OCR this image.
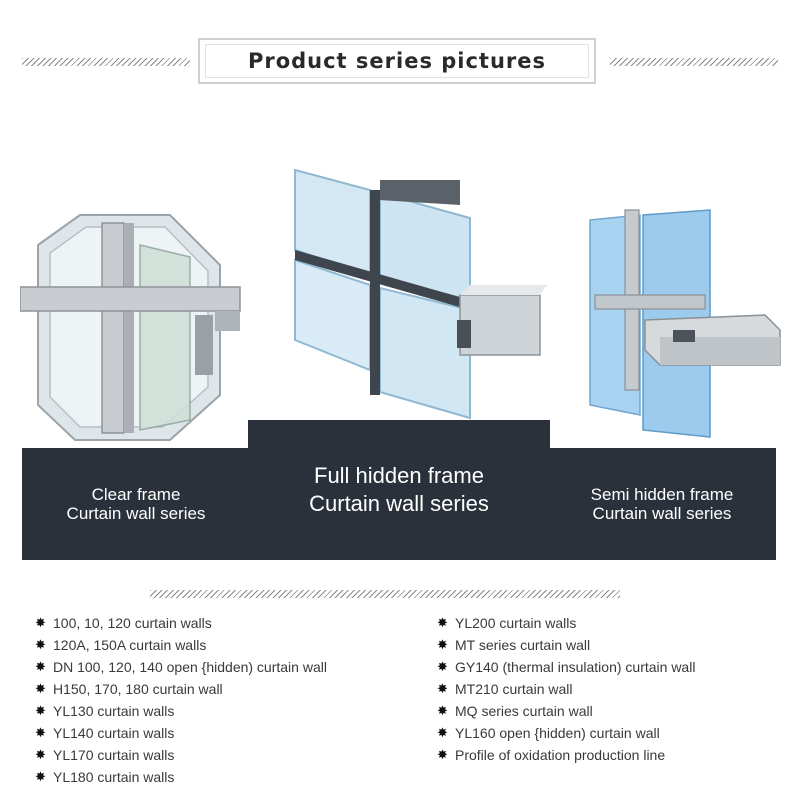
Product series pictures
Clear frame
Curtain wall series
Full hidden frame
Curtain wall series	Semi hidden frame
Curtain wall series
✸ 100, 10, 120 curtain walls
✸ 120A, 150A curtain walls
✸ DN 100, 120, 140 open {hidden) curtain wall
✸ H150, 170, 180 curtain wall
✸ YL130 curtain walls
✸ YL140 curtain walls
✸ YL170 curtain walls
✸ YL180 curtain walls
✸ YL200 curtain walls
✸ MT series curtain wall
✸ GY140 (thermal insulation) curtain wall
✸ MT210 curtain wall
✸ MQ series curtain wall
✸ YL160 open {hidden) curtain wall
✸ Profile of oxidation production line
